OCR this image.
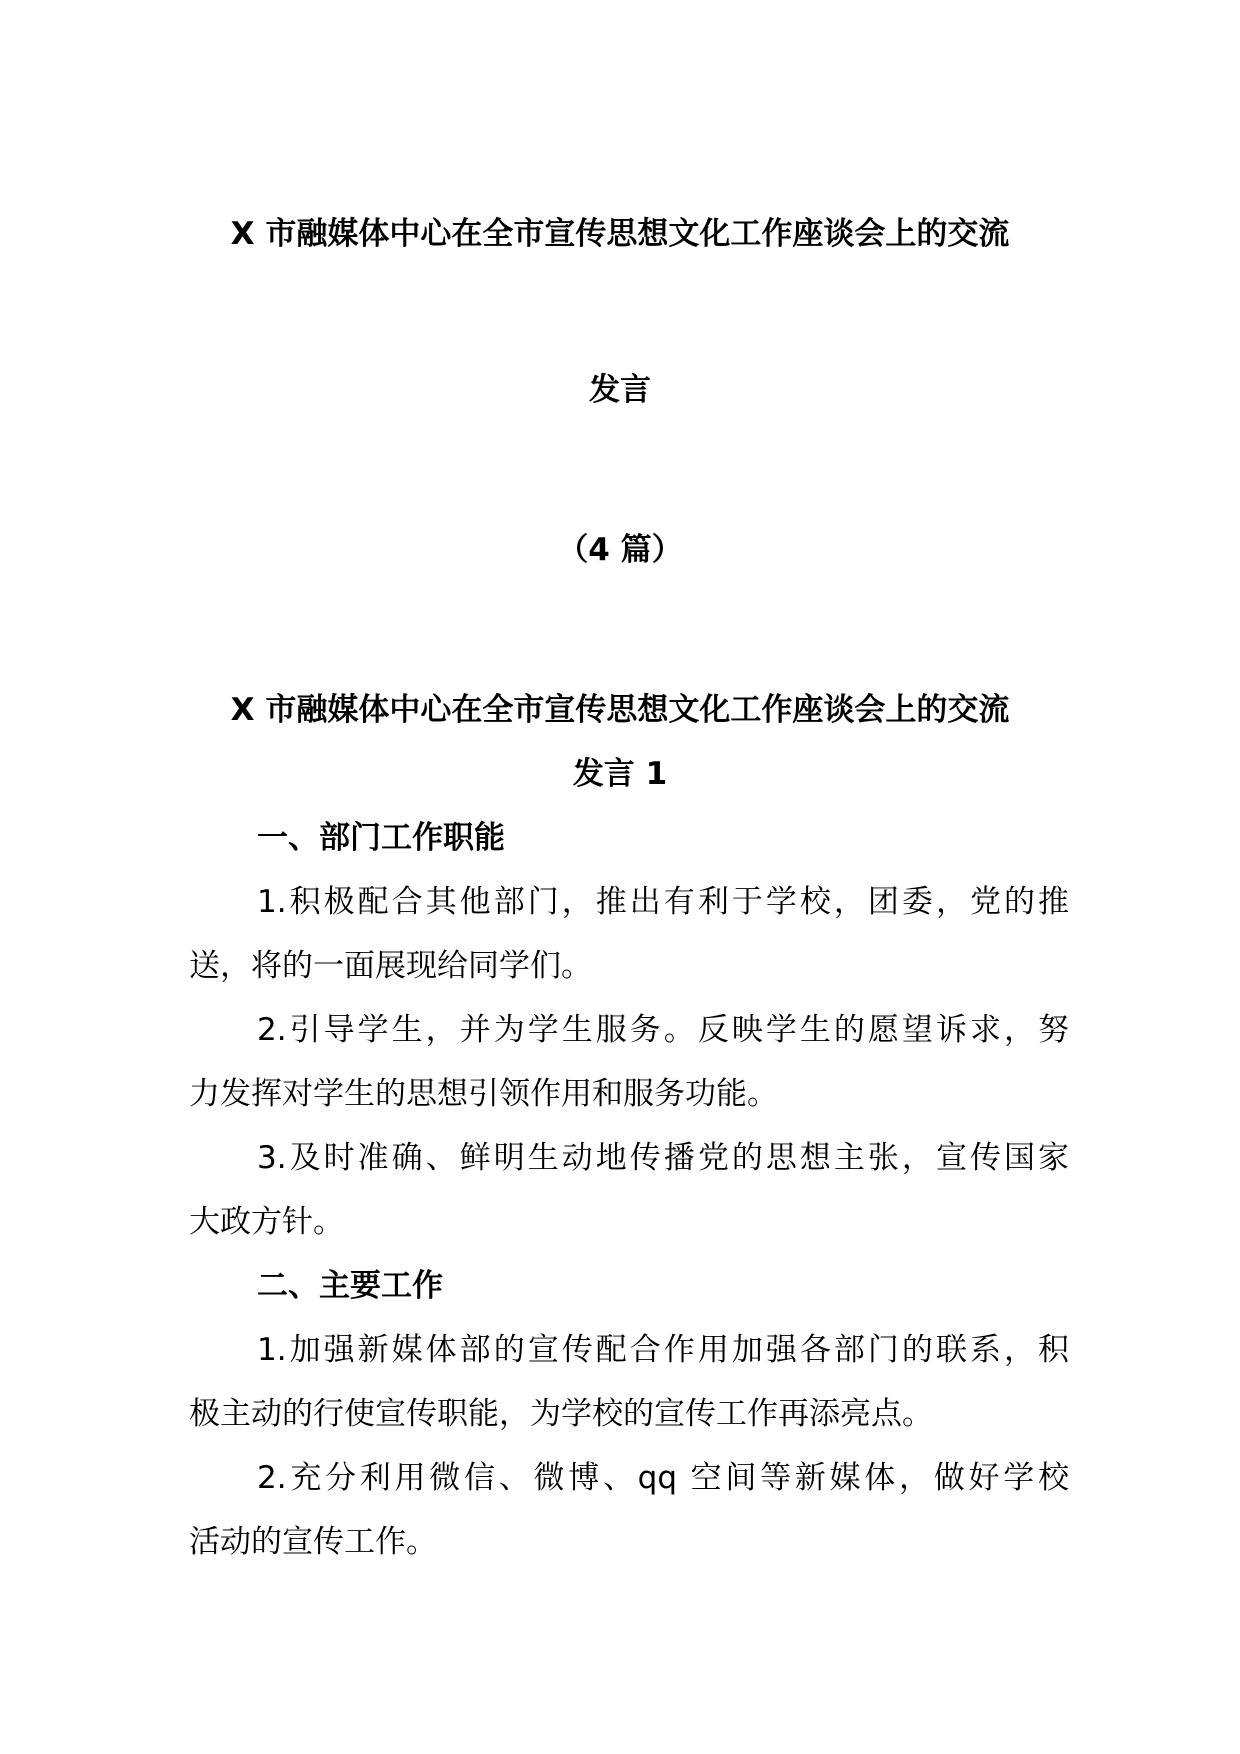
X 市融媒体中心在全市宣传思想文化工作座谈会上的交流
发言
（4 篇）
X 市融媒体中心在全市宣传思想文化工作座谈会上的交流
发言 1
一、部门工作职能
1.积极配合其他部门，推出有利于学校，团委，党的推
送，将的一面展现给同学们。
2.引导学生，并为学生服务。反映学生的愿望诉求，努
力发挥对学生的思想引领作用和服务功能。
3.及时准确、鲜明生动地传播党的思想主张，宣传国家
大政方针。
二、主要工作
1.加强新媒体部的宣传配合作用加强各部门的联系，积
极主动的行使宣传职能，为学校的宣传工作再添亮点。
2.充分利用微信、微博、qq 空间等新媒体，做好学校
活动的宣传工作。
